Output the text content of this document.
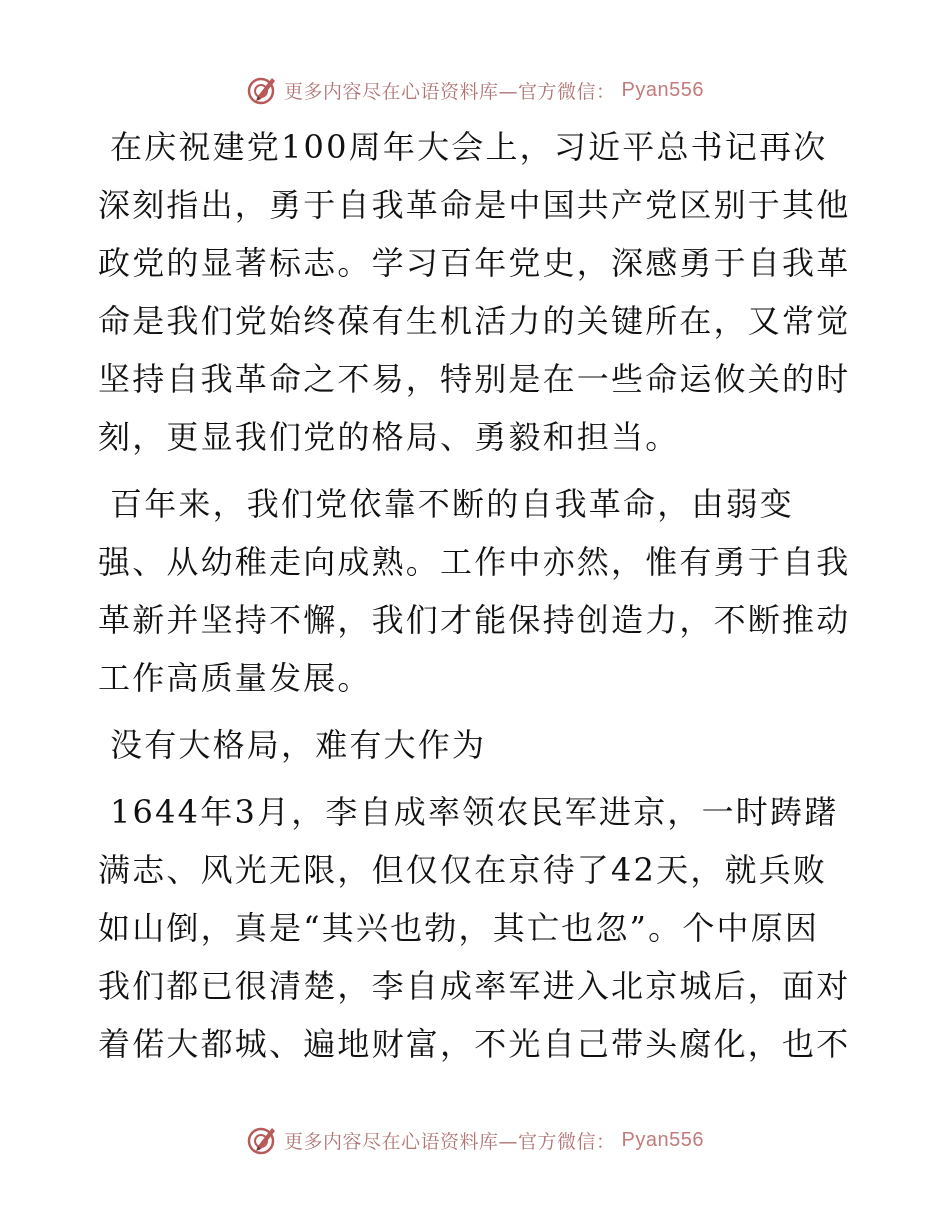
更多内容尽在心语资料库—官方微信： Pyan556

在庆祝建党100周年大会上，习近平总书记再次
深刻指出，勇于自我革命是中国共产党区别于其他
政党的显著标志。学习百年党史，深感勇于自我革
命是我们党始终葆有生机活力的关键所在，又常觉
坚持自我革命之不易，特别是在一些命运攸关的时
刻，更显我们党的格局、勇毅和担当。

百年来，我们党依靠不断的自我革命，由弱变
强、从幼稚走向成熟。工作中亦然，惟有勇于自我
革新并坚持不懈，我们才能保持创造力，不断推动
工作高质量发展。

没有大格局，难有大作为

1644年3月，李自成率领农民军进京，一时踌躇
满志、风光无限，但仅仅在京待了42天，就兵败
如山倒，真是“其兴也勃，其亡也忽”。个中原因
我们都已很清楚，李自成率军进入北京城后，面对
着偌大都城、遍地财富，不光自己带头腐化，也不

更多内容尽在心语资料库—官方微信： Pyan556
